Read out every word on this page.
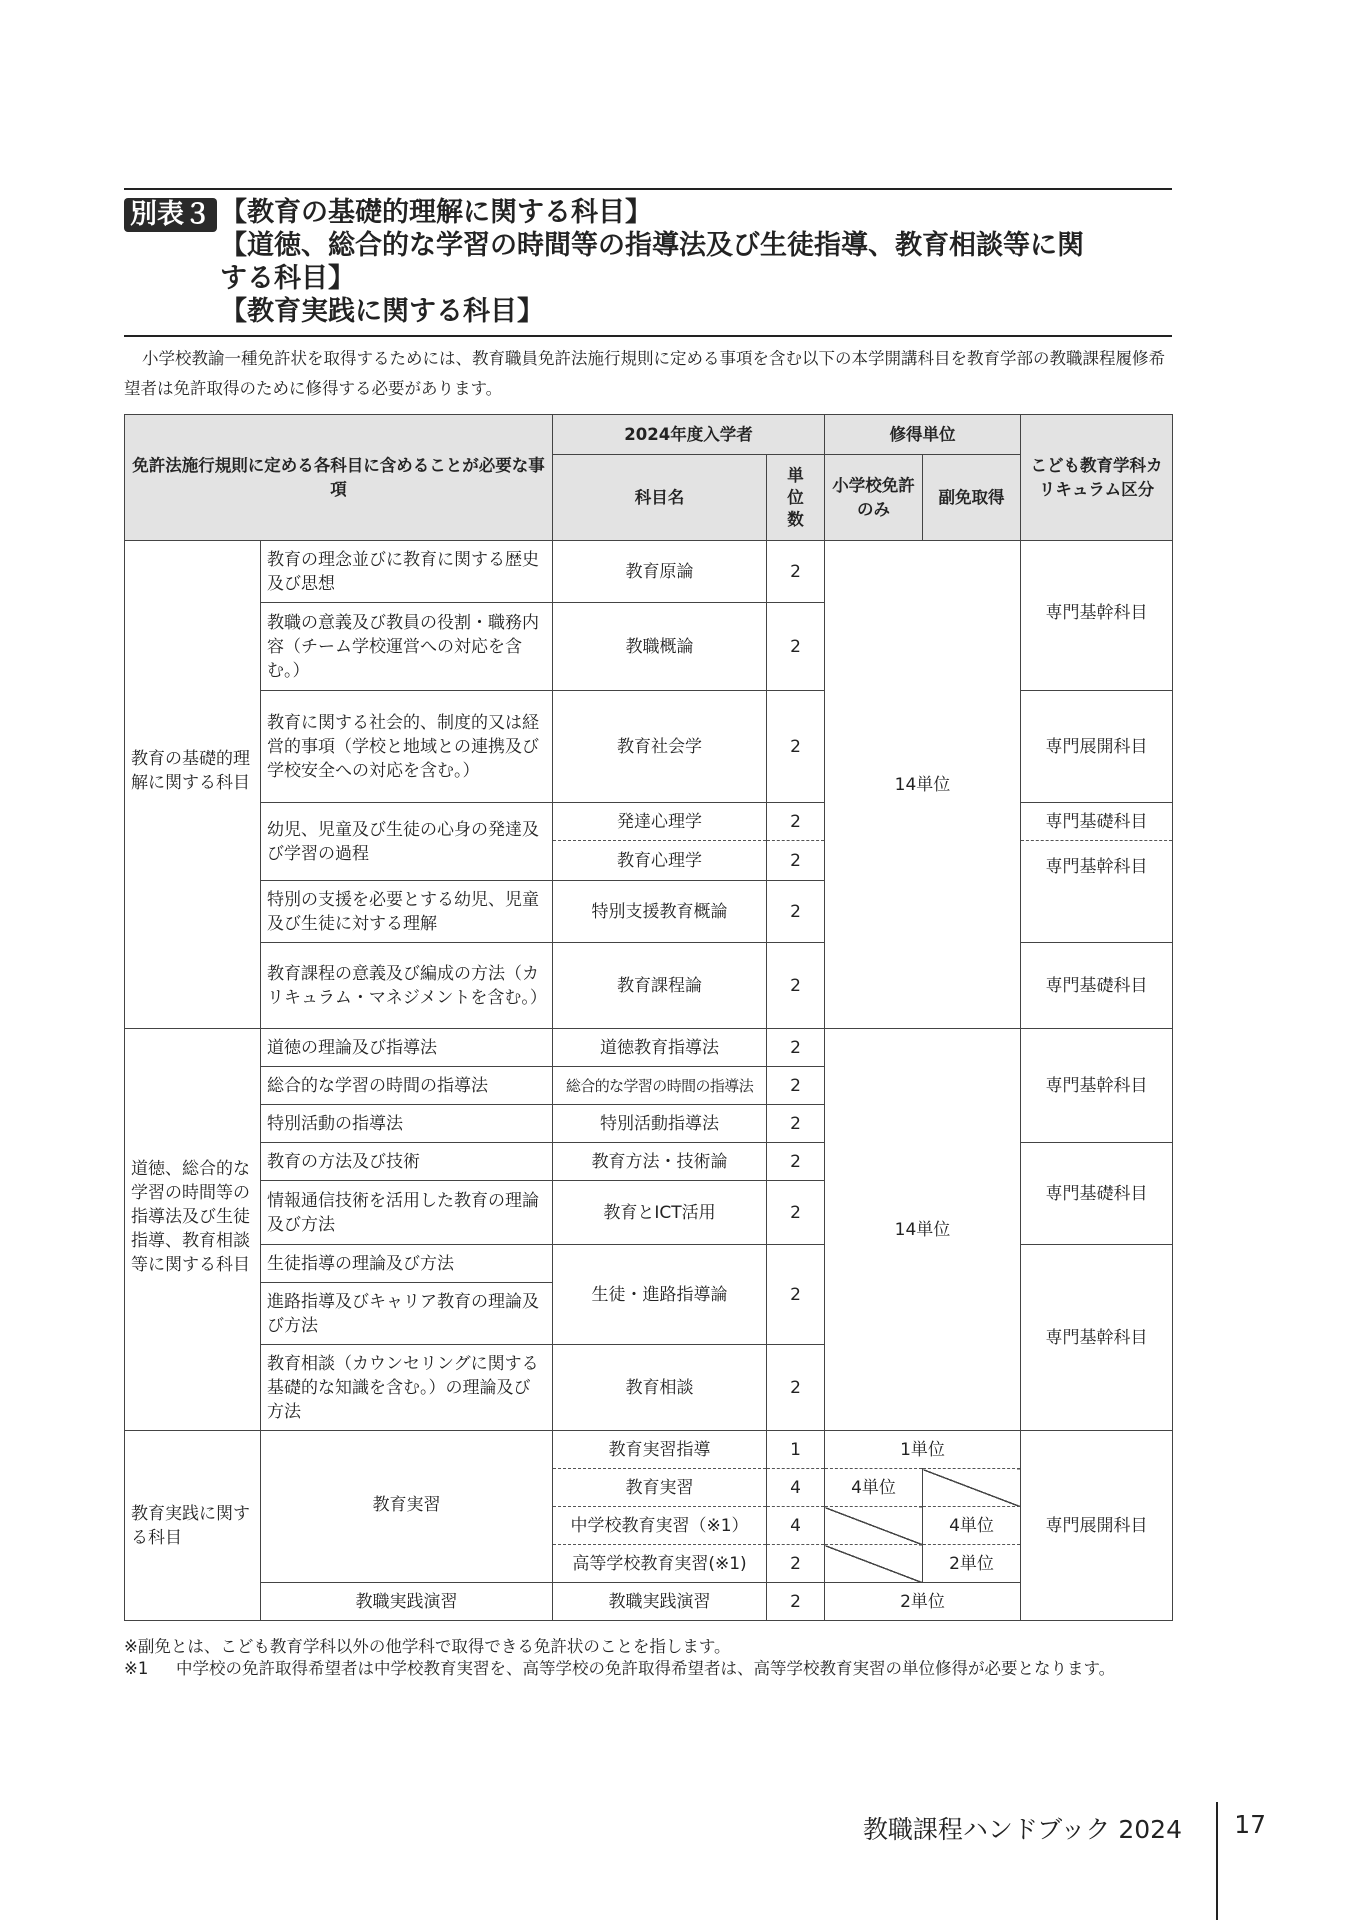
別表３ 【教育の基礎的理解に関する科目】
【道徳、総合的な学習の時間等の指導法及び生徒指導、教育相談等に関
する科目】
【教育実践に関する科目】

小学校教諭一種免許状を取得するためには、教育職員免許法施行規則に定める事項を含む以下の本学開講科目を教育学部の教職課程履修希望者は免許取得のために修得する必要があります。

免許法施行規則に定める各科目に含めることが必要な事項		2024年度入学者		修得単位		こども教育学科カリキュラム区分
		科目名	単位数	小学校免許のみ	副免取得	
教育の基礎的理解に関する科目	教育の理念並びに教育に関する歴史及び思想	教育原論	2	14単位		専門基幹科目
	教職の意義及び教員の役割・職務内容（チーム学校運営への対応を含む。）	教職概論	2			
	教育に関する社会的、制度的又は経営的事項（学校と地域との連携及び学校安全への対応を含む。）	教育社会学	2			専門展開科目
	幼児、児童及び生徒の心身の発達及び学習の過程	発達心理学	2			専門基礎科目
		教育心理学	2			専門基幹科目
	特別の支援を必要とする幼児、児童及び生徒に対する理解	特別支援教育概論	2			
	教育課程の意義及び編成の方法（カリキュラム・マネジメントを含む。）	教育課程論	2			専門基礎科目

道徳、総合的な学習の時間等の指導法及び生徒指導、教育相談等に関する科目	道徳の理論及び指導法	道徳教育指導法	2	14単位		専門基幹科目
	総合的な学習の時間の指導法	総合的な学習の時間の指導法	2			
	特別活動の指導法	特別活動指導法	2			
	教育の方法及び技術	教育方法・技術論	2			専門基礎科目
	情報通信技術を活用した教育の理論及び方法	教育とICT活用	2			
	生徒指導の理論及び方法	生徒・進路指導論	2			専門基幹科目
	進路指導及びキャリア教育の理論及び方法					
	教育相談（カウンセリングに関する基礎的な知識を含む。）の理論及び方法	教育相談	2			
教育実践に関する科目	教育実習	教育実習指導	1	1単位		専門展開科目
		教育実習	4	4単位		
		中学校教育実習（※1）	4		4単位	
		高等学校教育実習(※1)	2		2単位	
	教職実践演習	教職実践演習	2	2単位		
※副免とは、こども教育学科以外の他学科で取得できる免許状のことを指します。
※1 中学校の免許取得希望者は中学校教育実習を、高等学校の免許取得希望者は、高等学校教育実習の単位修得が必要となります。
教職課程ハンドブック 2024 17
